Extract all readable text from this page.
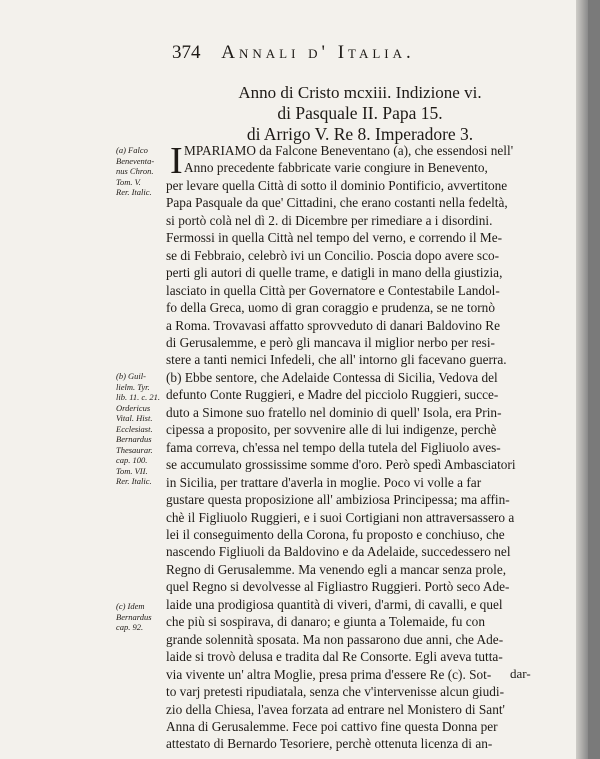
374 Annali d' Italia.
Anno di Cristo mcxiii. Indizione vi.
di Pasquale II. Papa 15.
di Arrigo V. Re 8. Imperadore 3.
(a) Falco
Beneventa-
nus Chron.
Tom. V.
Rer. Italic.
(b) Guil-
lielm. Tyr.
lib. 11. c. 21.
Ordericus
Vital. Hist.
Ecclesiast.
Bernardus
Thesaurar.
cap. 100.
Tom. VII.
Rer. Italic.
(c) Idem
Bernardus
cap. 92.
I MPARIAMO da Falcone Beneventano (a), che essendosi nell'
Anno precedente fabbricate varie congiure in Benevento,
per levare quella Città di sotto il dominio Pontificio, avvertitone
Papa Pasquale da que' Cittadini, che erano costanti nella fedeltà,
si portò colà nel dì 2. di Dicembre per rimediare a i disordini.
Fermossi in quella Città nel tempo del verno, e correndo il Me-
se di Febbraio, celebrò ivi un Concilio. Poscia dopo avere sco-
perti gli autori di quelle trame, e datigli in mano della giustizia,
lasciato in quella Città per Governatore e Contestabile Landol-
fo della Greca, uomo di gran coraggio e prudenza, se ne tornò
a Roma. Trovavasi affatto sprovveduto di danari Baldovino Re
di Gerusalemme, e però gli mancava il miglior nerbo per resi-
stere a tanti nemici Infedeli, che all' intorno gli facevano guerra.
(b) Ebbe sentore, che Adelaide Contessa di Sicilia, Vedova del
defunto Conte Ruggieri, e Madre del picciolo Ruggieri, succe-
duto a Simone suo fratello nel dominio di quell' Isola, era Prin-
cipessa a proposito, per sovvenire alle di lui indigenze, perchè
fama correva, ch'essa nel tempo della tutela del Figliuolo aves-
se accumulato grossissime somme d'oro. Però spedì Ambasciatori
in Sicilia, per trattare d'averla in moglie. Poco vi volle a far
gustare questa proposizione all' ambiziosa Principessa; ma affin-
chè il Figliuolo Ruggieri, e i suoi Cortigiani non attraversassero a
lei il conseguimento della Corona, fu proposto e conchiuso, che
nascendo Figliuoli da Baldovino e da Adelaide, succedessero nel
Regno di Gerusalemme. Ma venendo egli a mancar senza prole,
quel Regno si devolvesse al Figliastro Ruggieri. Portò seco Ade-
laide una prodigiosa quantità di viveri, d'armi, di cavalli, e quel
che più si sospirava, di danaro; e giunta a Tolemaide, fu con
grande solennità sposata. Ma non passarono due anni, che Ade-
laide si trovò delusa e tradita dal Re Consorte. Egli aveva tutta-
via vivente un' altra Moglie, presa prima d'essere Re (c). Sot-
to varj pretesti ripudiatala, senza che v'intervenisse alcun giudi-
zio della Chiesa, l'avea forzata ad entrare nel Monistero di Sant'
Anna di Gerusalemme. Fece poi cattivo fine questa Donna per
attestato di Bernardo Tesoriere, perchè ottenuta licenza di an-
dar-
